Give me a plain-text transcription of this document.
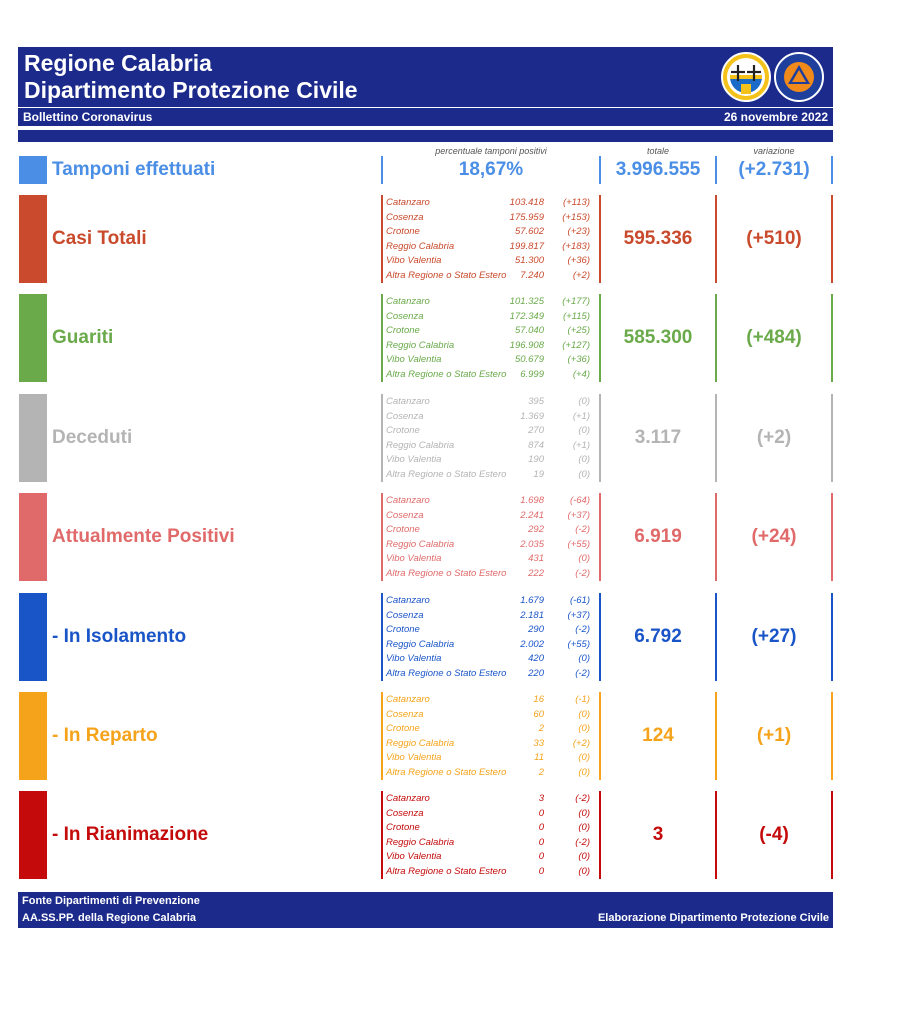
Regione Calabria
Dipartimento Protezione Civile
Bollettino Coronavirus	26 novembre 2022
percentuale tamponi positivi	totale	variazione
Tamponi effettuati	18,67%	3.996.555	(+2.731)
Casi Totali
Catanzaro	103.418 (+113)
Cosenza	175.959 (+153)
Crotone	57.602 (+23)
Reggio Calabria	199.817 (+183)
Vibo Valentia	51.300 (+36)
Altra Regione o Stato Estero 7.240	(+2)
595.336	(+510)
Guariti
Catanzaro	101.325 (+177)
Cosenza	172.349 (+115)
Crotone	57.040 (+25)
Reggio Calabria	196.908 (+127)
Vibo Valentia	50.679 (+36)
Altra Regione o Stato Estero 6.999	(+4)
585.300	(+484)
Deceduti
Catanzaro	395	(0)
Cosenza	1.369	(+1)
Crotone	270	(0)
Reggio Calabria	874	(+1)
Vibo Valentia	190	(0)
Altra Regione o Stato Estero	19	(0)
3.117	(+2)
Attualmente Positivi
Catanzaro	1.698	(-64)
Cosenza	2.241 (+37)
Crotone	292	(-2)
Reggio Calabria	2.035 (+55)
Vibo Valentia	431	(0)
Altra Regione o Stato Estero 222	(-2)
6.919	(+24)
- In Isolamento
Catanzaro	1.679	(-61)
Cosenza	2.181 (+37)
Crotone	290	(-2)
Reggio Calabria	2.002 (+55)
Vibo Valentia	420	(0)
Altra Regione o Stato Estero 220	(-2)
6.792	(+27)
- In Reparto
Catanzaro	16	(-1)
Cosenza	60	(0)
Crotone	2	(0)
Reggio Calabria	33	(+2)
Vibo Valentia	11	(0)
Altra Regione o Stato Estero	2	(0)
124	(+1)
- In Rianimazione
Catanzaro	3	(-2)
Cosenza	0	(0)
Crotone	0	(0)
Reggio Calabria	0	(-2)
Vibo Valentia	0	(0)
Altra Regione o Stato Estero	0	(0)
3	(-4)
Fonte Dipartimenti di Prevenzione
AA.SS.PP. della Regione Calabria	Elaborazione Dipartimento Protezione Civile
